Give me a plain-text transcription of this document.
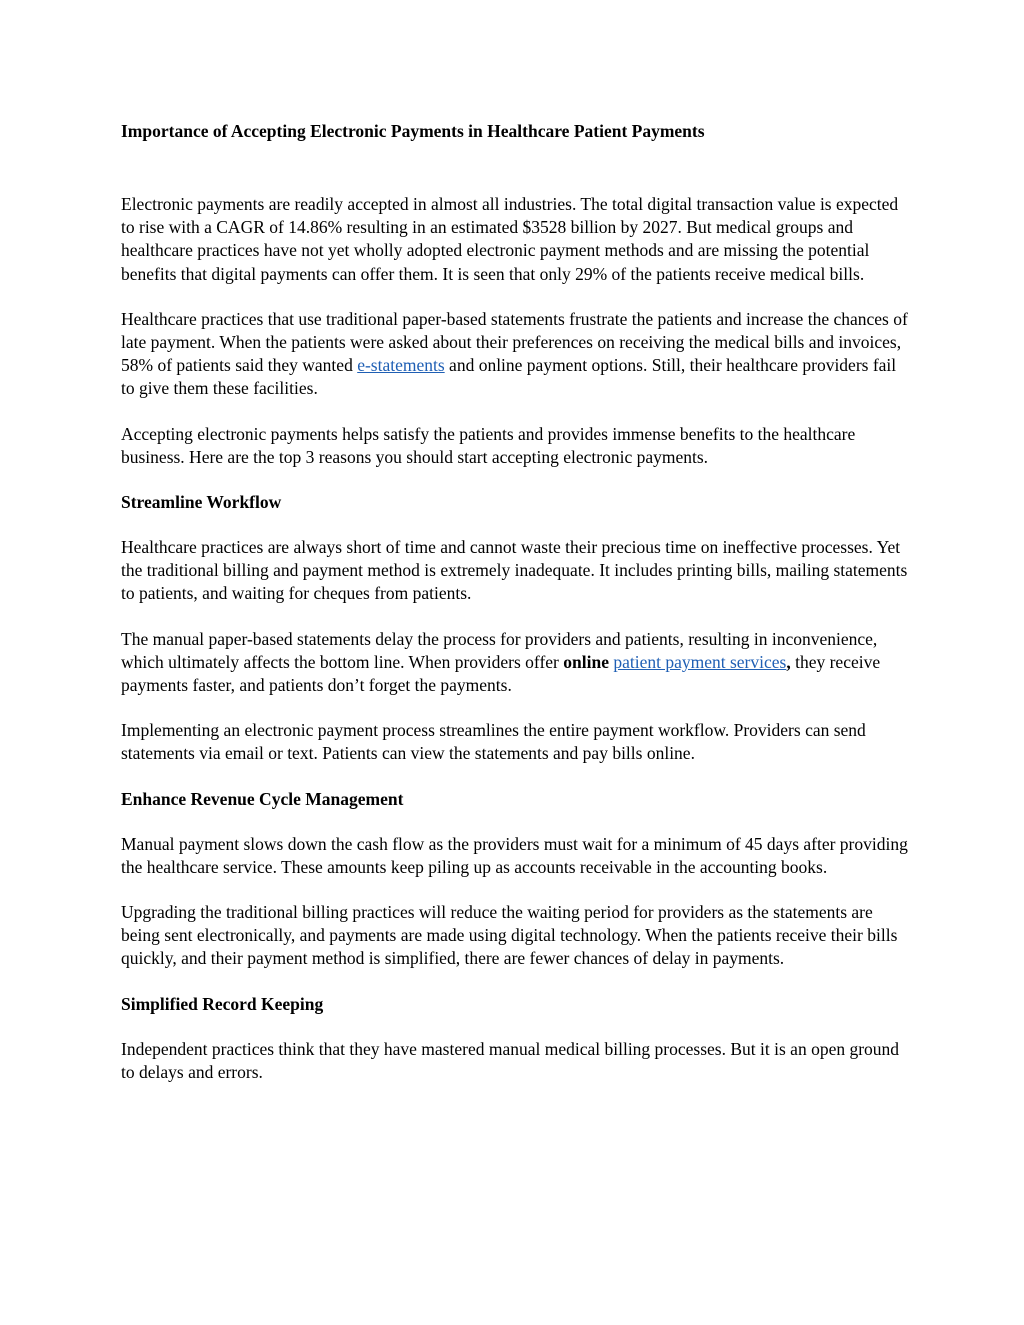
Importance of Accepting Electronic Payments in Healthcare Patient Payments

Electronic payments are readily accepted in almost all industries. The total digital transaction value is expected to rise with a CAGR of 14.86% resulting in an estimated $3528 billion by 2027. But medical groups and healthcare practices have not yet wholly adopted electronic payment methods and are missing the potential benefits that digital payments can offer them. It is seen that only 29% of the patients receive medical bills.

Healthcare practices that use traditional paper-based statements frustrate the patients and increase the chances of late payment. When the patients were asked about their preferences on receiving the medical bills and invoices, 58% of patients said they wanted e-statements and online payment options. Still, their healthcare providers fail to give them these facilities.

Accepting electronic payments helps satisfy the patients and provides immense benefits to the healthcare business. Here are the top 3 reasons you should start accepting electronic payments.

Streamline Workflow

Healthcare practices are always short of time and cannot waste their precious time on ineffective processes. Yet the traditional billing and payment method is extremely inadequate. It includes printing bills, mailing statements to patients, and waiting for cheques from patients.

The manual paper-based statements delay the process for providers and patients, resulting in inconvenience, which ultimately affects the bottom line. When providers offer online patient payment services, they receive payments faster, and patients don’t forget the payments.

Implementing an electronic payment process streamlines the entire payment workflow. Providers can send statements via email or text. Patients can view the statements and pay bills online.

Enhance Revenue Cycle Management

Manual payment slows down the cash flow as the providers must wait for a minimum of 45 days after providing the healthcare service. These amounts keep piling up as accounts receivable in the accounting books.

Upgrading the traditional billing practices will reduce the waiting period for providers as the statements are being sent electronically, and payments are made using digital technology. When the patients receive their bills quickly, and their payment method is simplified, there are fewer chances of delay in payments.

Simplified Record Keeping

Independent practices think that they have mastered manual medical billing processes. But it is an open ground to delays and errors.
